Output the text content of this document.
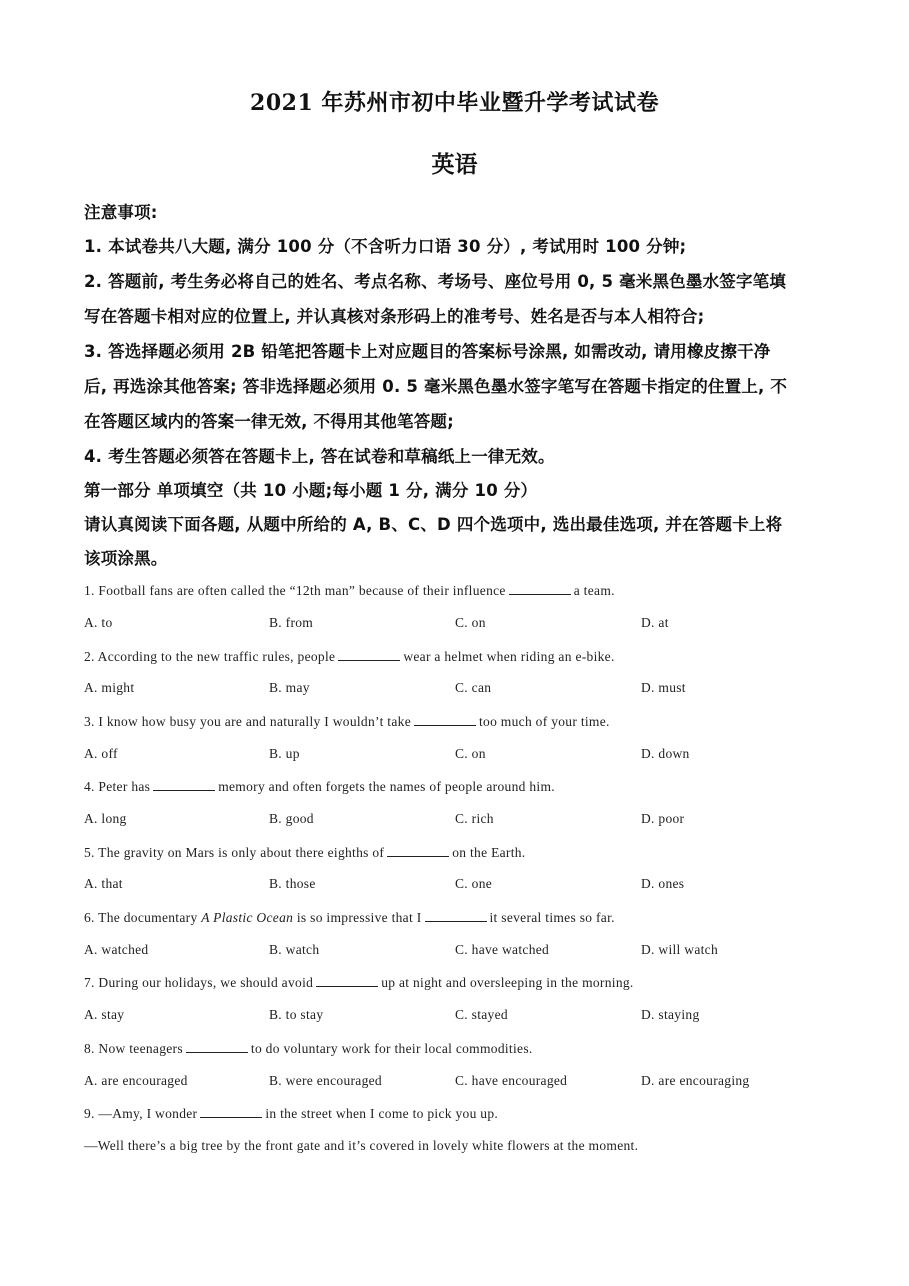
2021 年苏州市初中毕业暨升学考试试卷
英语
注意事项:
1. 本试卷共八大题, 满分 100 分（不含听力口语 30 分）, 考试用时 100 分钟;
2. 答题前, 考生务必将自己的姓名、考点名称、考场号、座位号用 0, 5 毫米黑色墨水签字笔填
写在答题卡相对应的位置上, 并认真核对条形码上的准考号、姓名是否与本人相符合;
3. 答选择题必须用 2B 铅笔把答题卡上对应题目的答案标号涂黑, 如需改动, 请用橡皮擦干净
后, 再选涂其他答案; 答非选择题必须用 0. 5 毫米黑色墨水签字笔写在答题卡指定的住置上, 不
在答题区域内的答案一律无效, 不得用其他笔答题;
4. 考生答题必须答在答题卡上, 答在试卷和草稿纸上一律无效。
第一部分 单项填空（共 10 小题;每小题 1 分, 满分 10 分）
请认真阅读下面各题, 从题中所给的 A, B、C、D 四个选项中, 选出最佳选项, 并在答题卡上将
该项涂黑。
1. Football fans are often called the “12th man” because of their influence	a team.
A. to	B. from	C. on	D. at
2. According to the new traffic rules, people	wear a helmet when riding an e-bike.
A. might	B. may	C. can	D. must
3. I know how busy you are and naturally I wouldn’t take	too much of your time.
A. off	B. up	C. on	D. down
4. Peter has	memory and often forgets the names of people around him.
A. long	B. good	C. rich	D. poor
5. The gravity on Mars is only about there eighths of	on the Earth.
A. that	B. those	C. one	D. ones
6. The documentary A Plastic Ocean is so impressive that I	it several times so far.
A. watched	B. watch	C. have watched	D. will watch
7. During our holidays, we should avoid	up at night and oversleeping in the morning.
A. stay	B. to stay	C. stayed	D. staying
8. Now teenagers	to do voluntary work for their local commodities.
A. are encouraged	B. were encouraged	C. have encouraged	D. are encouraging
9. —Amy, I wonder	in the street when I come to pick you up.
—Well there’s a big tree by the front gate and it’s covered in lovely white flowers at the moment.
